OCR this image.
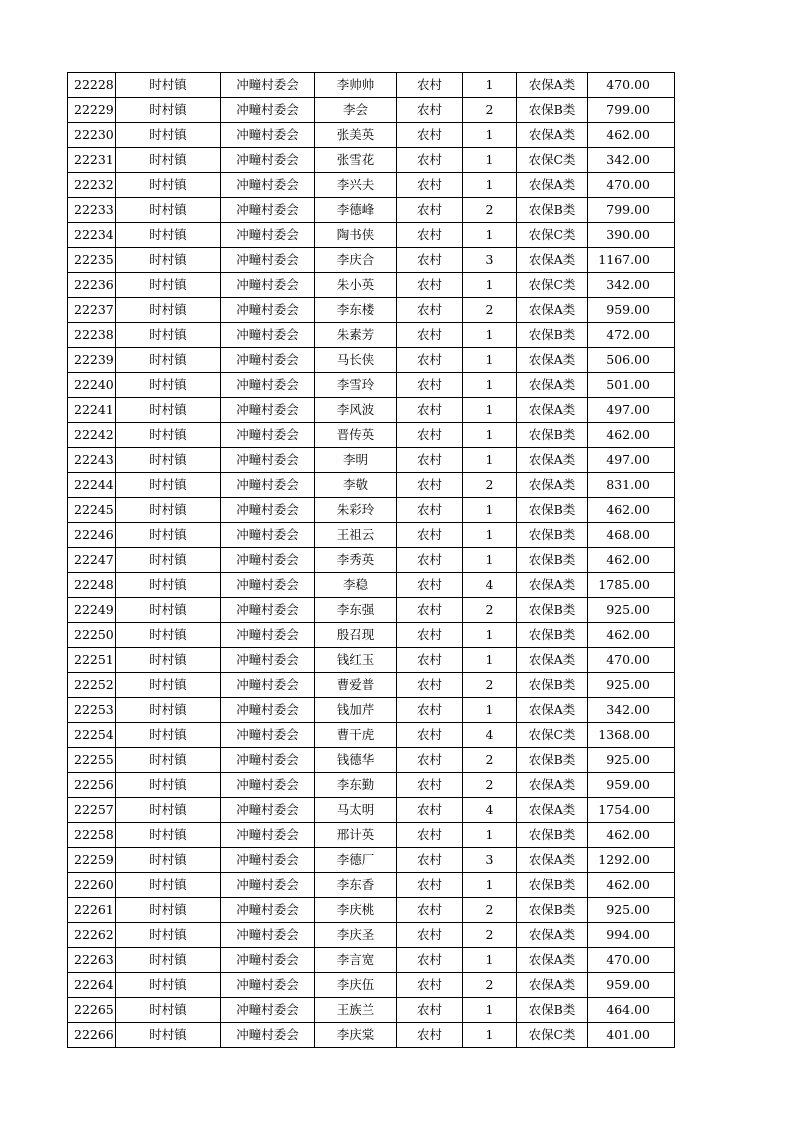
22228	时村镇	冲疃村委会	李帅帅	农村	1	农保A类	470.00
22229	时村镇	冲疃村委会	李会	农村	2	农保B类	799.00
22230	时村镇	冲疃村委会	张美英	农村	1	农保A类	462.00
22231	时村镇	冲疃村委会	张雪花	农村	1	农保C类	342.00
22232	时村镇	冲疃村委会	李兴夫	农村	1	农保A类	470.00
22233	时村镇	冲疃村委会	李德峰	农村	2	农保B类	799.00
22234	时村镇	冲疃村委会	陶书侠	农村	1	农保C类	390.00
22235	时村镇	冲疃村委会	李庆合	农村	3	农保A类	1167.00
22236	时村镇	冲疃村委会	朱小英	农村	1	农保C类	342.00
22237	时村镇	冲疃村委会	李东楼	农村	2	农保A类	959.00
22238	时村镇	冲疃村委会	朱素芳	农村	1	农保B类	472.00
22239	时村镇	冲疃村委会	马长侠	农村	1	农保A类	506.00
22240	时村镇	冲疃村委会	李雪玲	农村	1	农保A类	501.00
22241	时村镇	冲疃村委会	李风波	农村	1	农保A类	497.00
22242	时村镇	冲疃村委会	晋传英	农村	1	农保B类	462.00
22243	时村镇	冲疃村委会	李明	农村	1	农保A类	497.00
22244	时村镇	冲疃村委会	李敬	农村	2	农保A类	831.00
22245	时村镇	冲疃村委会	朱彩玲	农村	1	农保B类	462.00
22246	时村镇	冲疃村委会	王祖云	农村	1	农保B类	468.00
22247	时村镇	冲疃村委会	李秀英	农村	1	农保B类	462.00
22248	时村镇	冲疃村委会	李稳	农村	4	农保A类	1785.00
22249	时村镇	冲疃村委会	李东强	农村	2	农保B类	925.00
22250	时村镇	冲疃村委会	殷召现	农村	1	农保B类	462.00
22251	时村镇	冲疃村委会	钱红玉	农村	1	农保A类	470.00
22252	时村镇	冲疃村委会	曹爱普	农村	2	农保B类	925.00
22253	时村镇	冲疃村委会	钱加芹	农村	1	农保A类	342.00
22254	时村镇	冲疃村委会	曹干虎	农村	4	农保C类	1368.00
22255	时村镇	冲疃村委会	钱德华	农村	2	农保B类	925.00
22256	时村镇	冲疃村委会	李东勤	农村	2	农保A类	959.00
22257	时村镇	冲疃村委会	马太明	农村	4	农保A类	1754.00
22258	时村镇	冲疃村委会	邢计英	农村	1	农保B类	462.00
22259	时村镇	冲疃村委会	李德厂	农村	3	农保A类	1292.00
22260	时村镇	冲疃村委会	李东香	农村	1	农保B类	462.00
22261	时村镇	冲疃村委会	李庆桃	农村	2	农保B类	925.00
22262	时村镇	冲疃村委会	李庆圣	农村	2	农保A类	994.00
22263	时村镇	冲疃村委会	李言宽	农村	1	农保A类	470.00
22264	时村镇	冲疃村委会	李庆伍	农村	2	农保A类	959.00
22265	时村镇	冲疃村委会	王族兰	农村	1	农保B类	464.00
22266	时村镇	冲疃村委会	李庆棠	农村	1	农保C类	401.00
